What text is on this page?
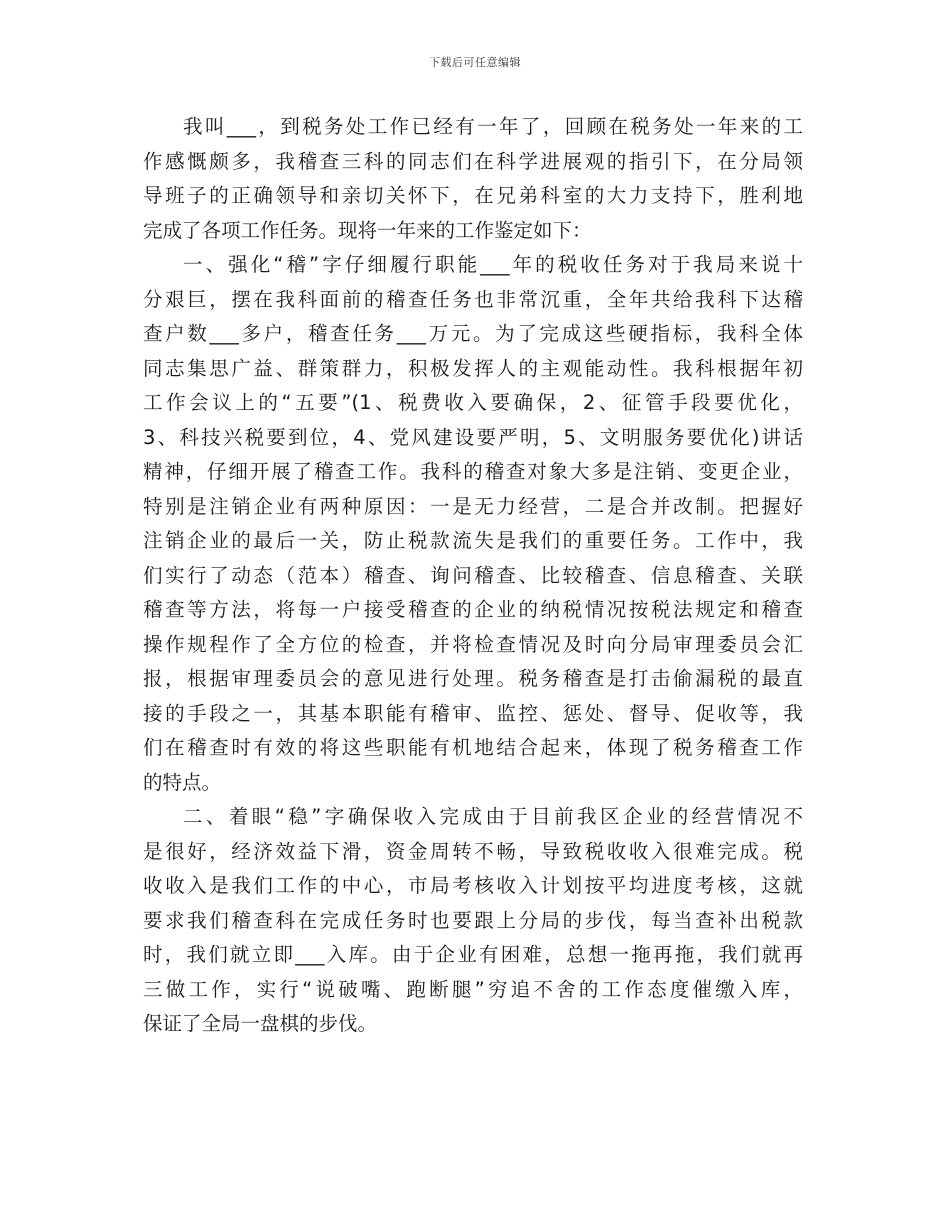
下载后可任意编辑
我叫___，到税务处工作已经有一年了，回顾在税务处一年来的工
作感慨颇多，我稽查三科的同志们在科学进展观的指引下，在分局领
导班子的正确领导和亲切关怀下，在兄弟科室的大力支持下，胜利地
完成了各项工作任务。现将一年来的工作鉴定如下：
一、强化“稽”字仔细履行职能___年的税收任务对于我局来说十
分艰巨，摆在我科面前的稽查任务也非常沉重，全年共给我科下达稽
查户数___多户，稽查任务___万元。为了完成这些硬指标，我科全体
同志集思广益、群策群力，积极发挥人的主观能动性。我科根据年初
工作会议上的“五要”(1、税费收入要确保，2、征管手段要优化，
3、科技兴税要到位，4、党风建设要严明，5、文明服务要优化)讲话
精神，仔细开展了稽查工作。我科的稽查对象大多是注销、变更企业，
特别是注销企业有两种原因：一是无力经营，二是合并改制。把握好
注销企业的最后一关，防止税款流失是我们的重要任务。工作中，我
们实行了动态（范本）稽查、询问稽查、比较稽查、信息稽查、关联
稽查等方法，将每一户接受稽查的企业的纳税情况按税法规定和稽查
操作规程作了全方位的检查，并将检查情况及时向分局审理委员会汇
报，根据审理委员会的意见进行处理。税务稽查是打击偷漏税的最直
接的手段之一，其基本职能有稽审、监控、惩处、督导、促收等，我
们在稽查时有效的将这些职能有机地结合起来，体现了税务稽查工作
的特点。
二、着眼“稳”字确保收入完成由于目前我区企业的经营情况不
是很好，经济效益下滑，资金周转不畅，导致税收收入很难完成。税
收收入是我们工作的中心，市局考核收入计划按平均进度考核，这就
要求我们稽查科在完成任务时也要跟上分局的步伐，每当查补出税款
时，我们就立即___入库。由于企业有困难，总想一拖再拖，我们就再
三做工作，实行“说破嘴、跑断腿”穷追不舍的工作态度催缴入库，
保证了全局一盘棋的步伐。
